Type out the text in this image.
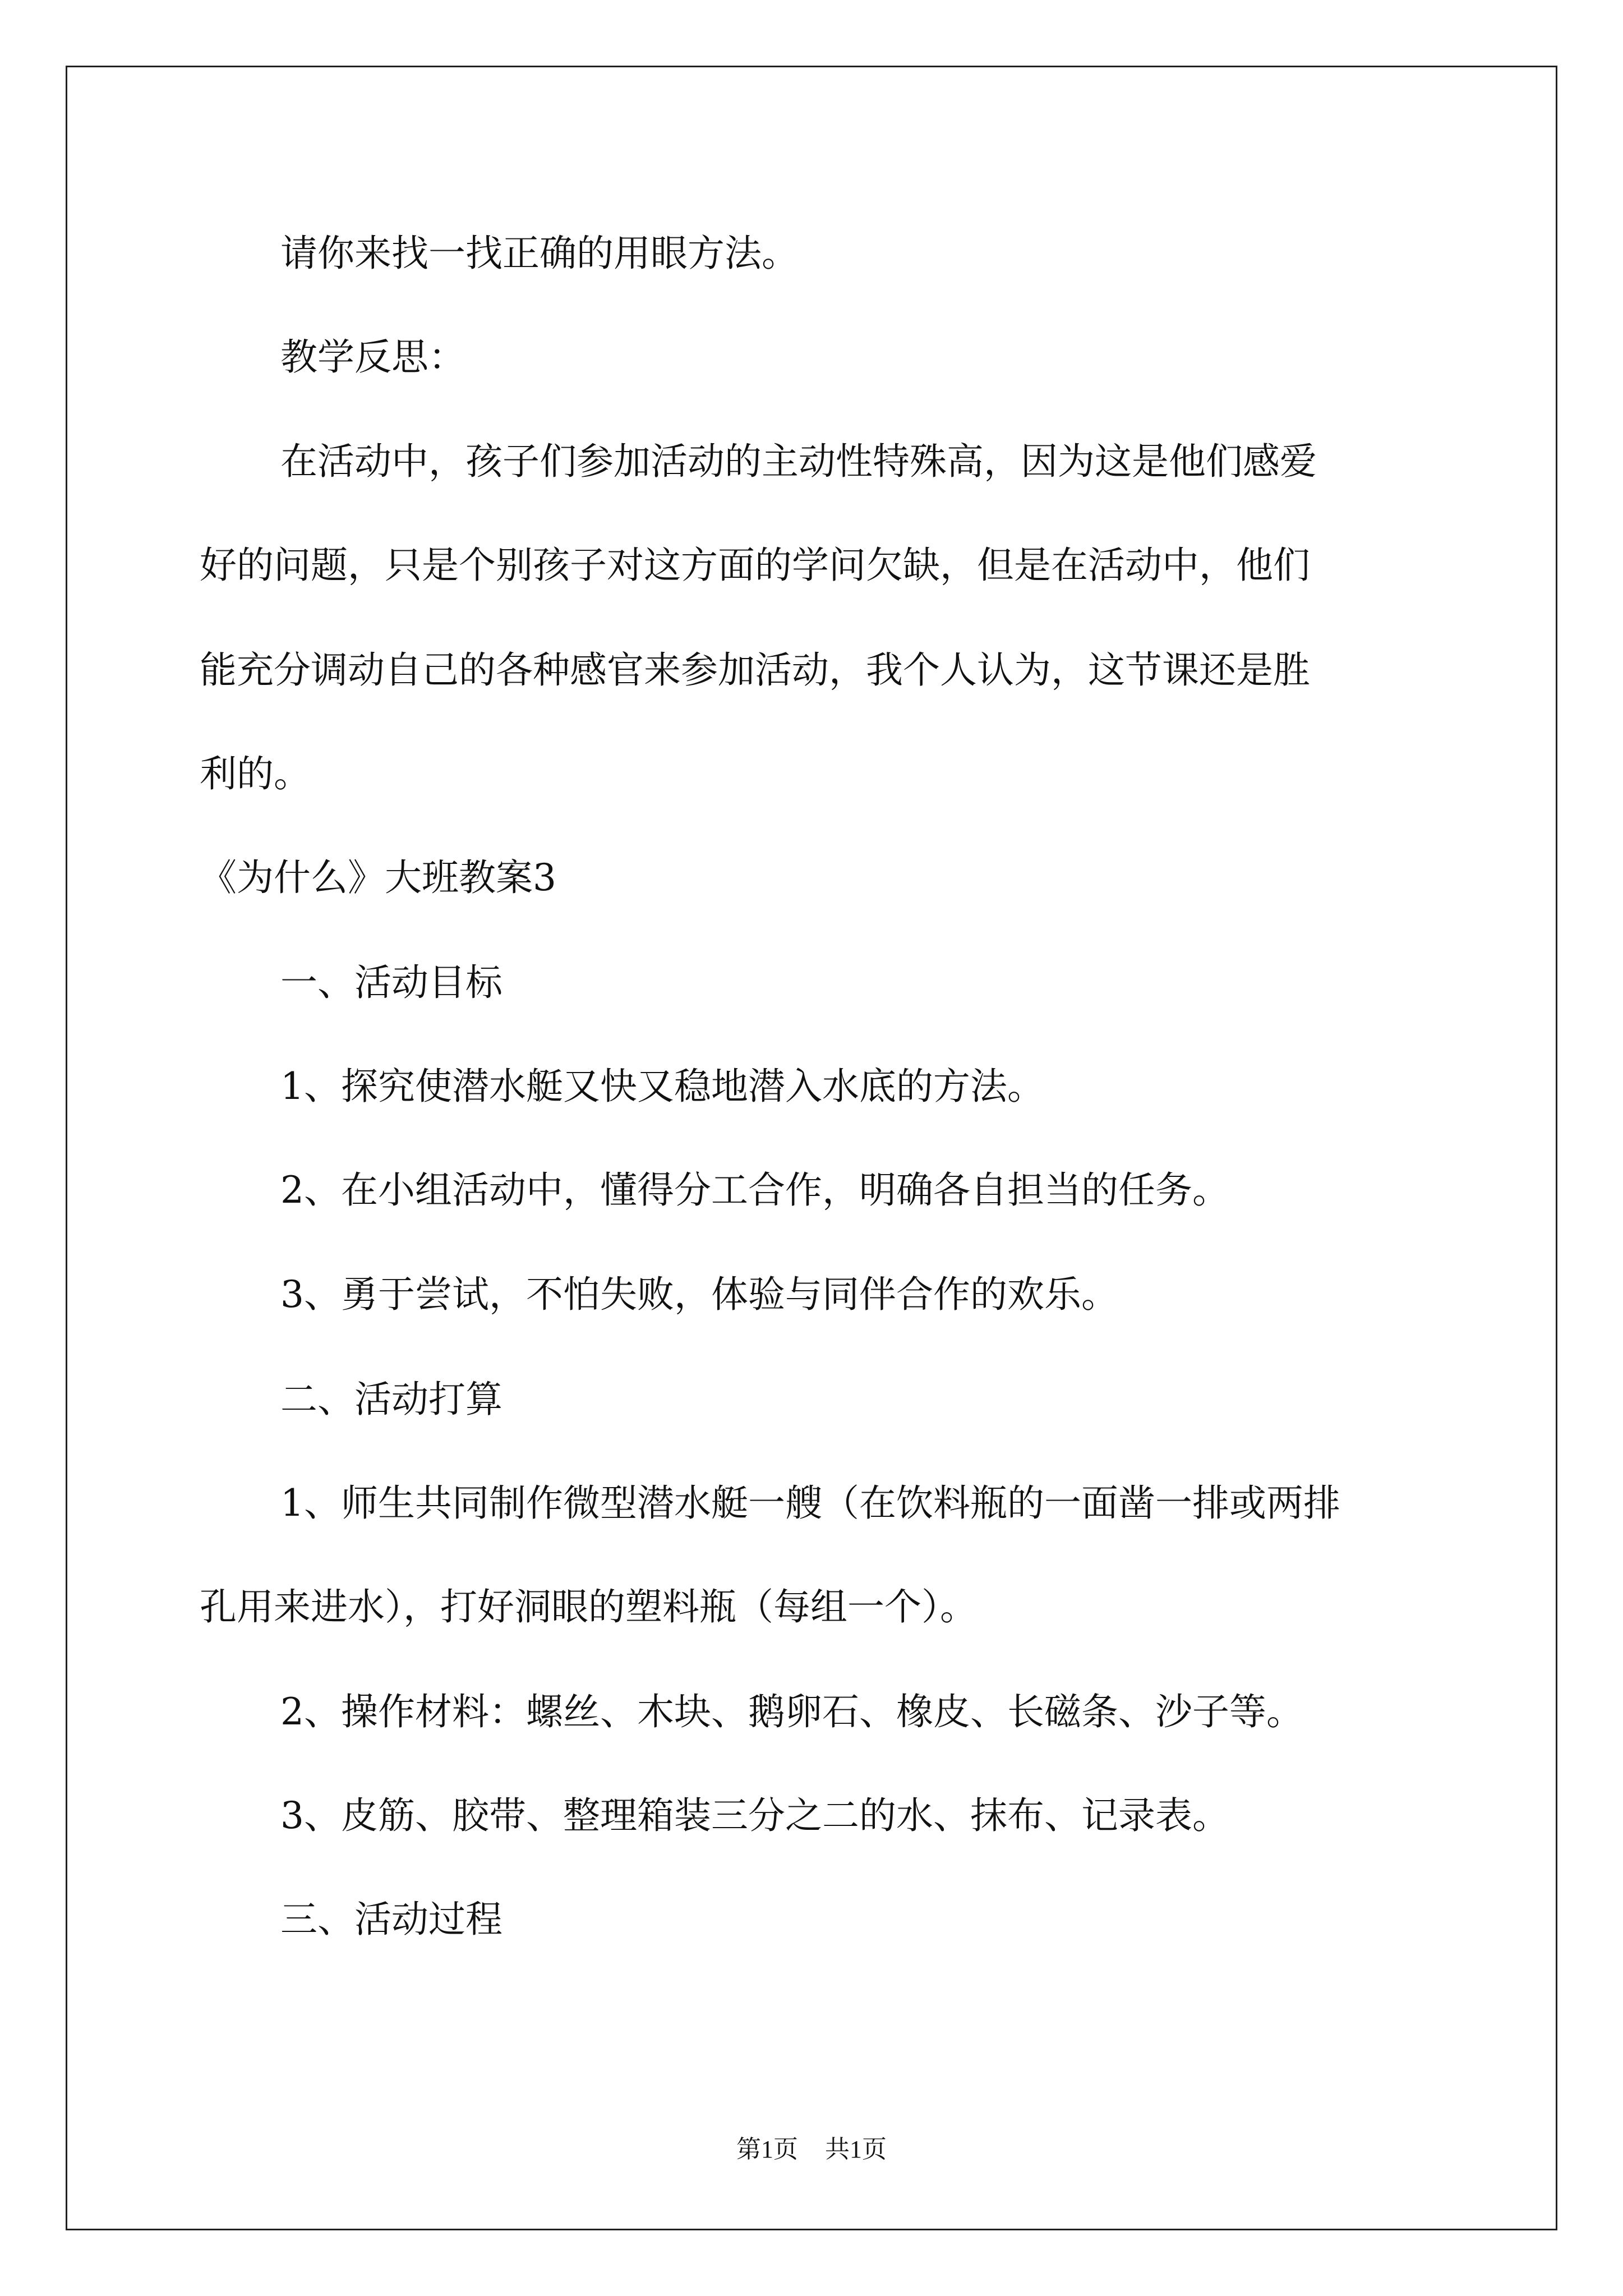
请你来找一找正确的用眼方法。
教学反思：
在活动中，孩子们参加活动的主动性特殊高，因为这是他们感爱
好的问题，只是个别孩子对这方面的学问欠缺，但是在活动中，他们
能充分调动自己的各种感官来参加活动，我个人认为，这节课还是胜
利的。
《为什么》大班教案3
一、活动目标
1、探究使潜水艇又快又稳地潜入水底的方法。
2、在小组活动中，懂得分工合作，明确各自担当的任务。
3、勇于尝试，不怕失败，体验与同伴合作的欢乐。
二、活动打算
1、师生共同制作微型潜水艇一艘（在饮料瓶的一面凿一排或两排
孔用来进水），打好洞眼的塑料瓶（每组一个）。
2、操作材料：螺丝、木块、鹅卵石、橡皮、长磁条、沙子等。
3、皮筋、胶带、整理箱装三分之二的水、抹布、记录表。
三、活动过程
第1页 共1页
